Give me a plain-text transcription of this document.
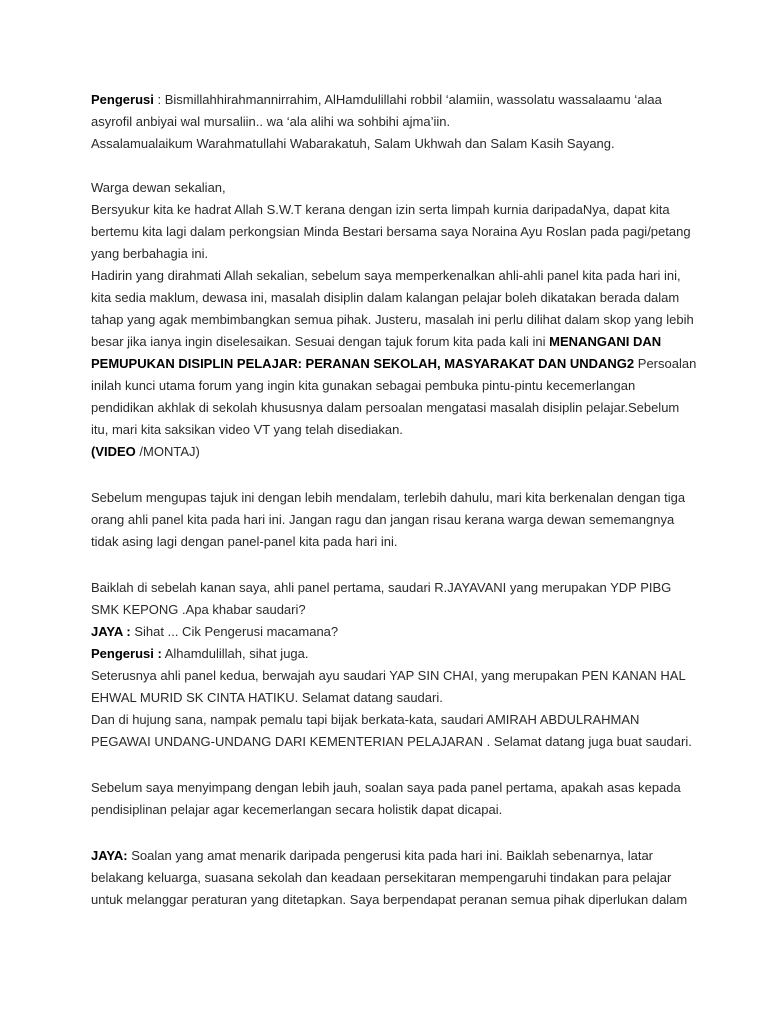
Pengerusi : Bismillahhirahmannirrahim, AlHamdulillahi robbil ‘alamiin, wassolatu wassalaamu ‘alaa
asyrofil anbiyai wal mursaliin.. wa ‘ala alihi wa sohbihi ajma’iin.
Assalamualaikum Warahmatullahi Wabarakatuh, Salam Ukhwah dan Salam Kasih Sayang.
Warga dewan sekalian,
Bersyukur kita ke hadrat Allah S.W.T kerana dengan izin serta limpah kurnia daripadaNya, dapat kita
bertemu kita lagi dalam perkongsian Minda Bestari bersama saya Noraina Ayu Roslan pada pagi/petang
yang berbahagia ini.
Hadirin yang dirahmati Allah sekalian, sebelum saya memperkenalkan ahli-ahli panel kita pada hari ini,
kita sedia maklum, dewasa ini, masalah disiplin dalam kalangan pelajar boleh dikatakan berada dalam
tahap yang agak membimbangkan semua pihak. Justeru, masalah ini perlu dilihat dalam skop yang lebih
besar jika ianya ingin diselesaikan. Sesuai dengan tajuk forum kita pada kali ini MENANGANI DAN
PEMUPUKAN DISIPLIN PELAJAR: PERANAN SEKOLAH, MASYARAKAT DAN UNDANG2 Persoalan
inilah kunci utama forum yang ingin kita gunakan sebagai pembuka pintu-pintu kecemerlangan
pendidikan akhlak di sekolah khususnya dalam persoalan mengatasi masalah disiplin pelajar.Sebelum
itu, mari kita saksikan video VT yang telah disediakan.
(VIDEO /MONTAJ)
Sebelum mengupas tajuk ini dengan lebih mendalam, terlebih dahulu, mari kita berkenalan dengan tiga
orang ahli panel kita pada hari ini. Jangan ragu dan jangan risau kerana warga dewan sememangnya
tidak asing lagi dengan panel-panel kita pada hari ini.
Baiklah di sebelah kanan saya, ahli panel pertama, saudari R.JAYAVANI yang merupakan YDP PIBG
SMK KEPONG .Apa khabar saudari?
JAYA : Sihat ... Cik Pengerusi macamana?
Pengerusi : Alhamdulillah, sihat juga.
Seterusnya ahli panel kedua, berwajah ayu saudari YAP SIN CHAI, yang merupakan PEN KANAN HAL
EHWAL MURID SK CINTA HATIKU. Selamat datang saudari.
Dan di hujung sana, nampak pemalu tapi bijak berkata-kata, saudari AMIRAH ABDULRAHMAN
PEGAWAI UNDANG-UNDANG DARI KEMENTERIAN PELAJARAN . Selamat datang juga buat saudari.
Sebelum saya menyimpang dengan lebih jauh, soalan saya pada panel pertama, apakah asas kepada
pendisiplinan pelajar agar kecemerlangan secara holistik dapat dicapai.
JAYA: Soalan yang amat menarik daripada pengerusi kita pada hari ini. Baiklah sebenarnya, latar
belakang keluarga, suasana sekolah dan keadaan persekitaran mempengaruhi tindakan para pelajar
untuk melanggar peraturan yang ditetapkan. Saya berpendapat peranan semua pihak diperlukan dalam
